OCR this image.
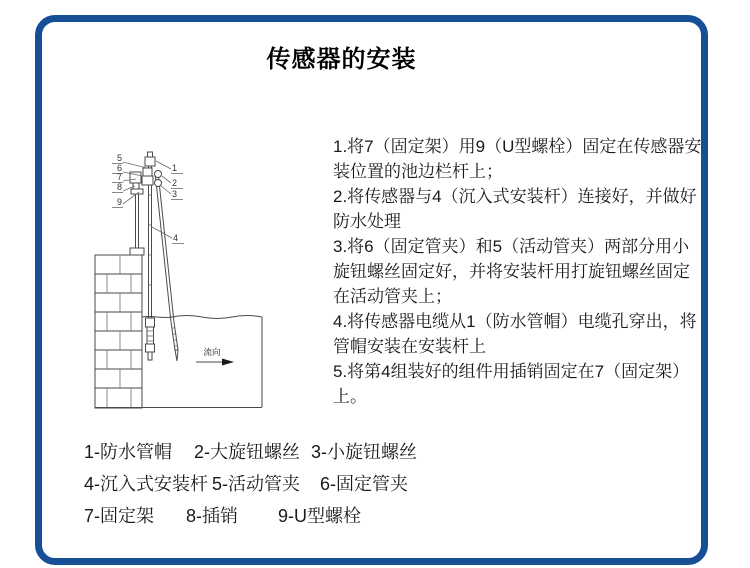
传感器的安装
1
2
3
4
5
6
7
8
9
流向
1.将7（固定架）用9（U型螺栓）固定在传感器安装位置的池边栏杆上；
2.将传感器与4（沉入式安装杆）连接好，并做好防水处理
3.将6（固定管夹）和5（活动管夹）两部分用小旋钮螺丝固定好，并将安装杆用打旋钮螺丝固定在活动管夹上；
4.将传感器电缆从1（防水管帽）电缆孔穿出，将管帽安装在安装杆上
5.将第4组装好的组件用插销固定在7（固定架）上。
1-防水管帽 2-大旋钮螺丝 3-小旋钮螺丝
4-沉入式安装杆 5-活动管夹 6-固定管夹
7-固定架 8-插销 9-U型螺栓
